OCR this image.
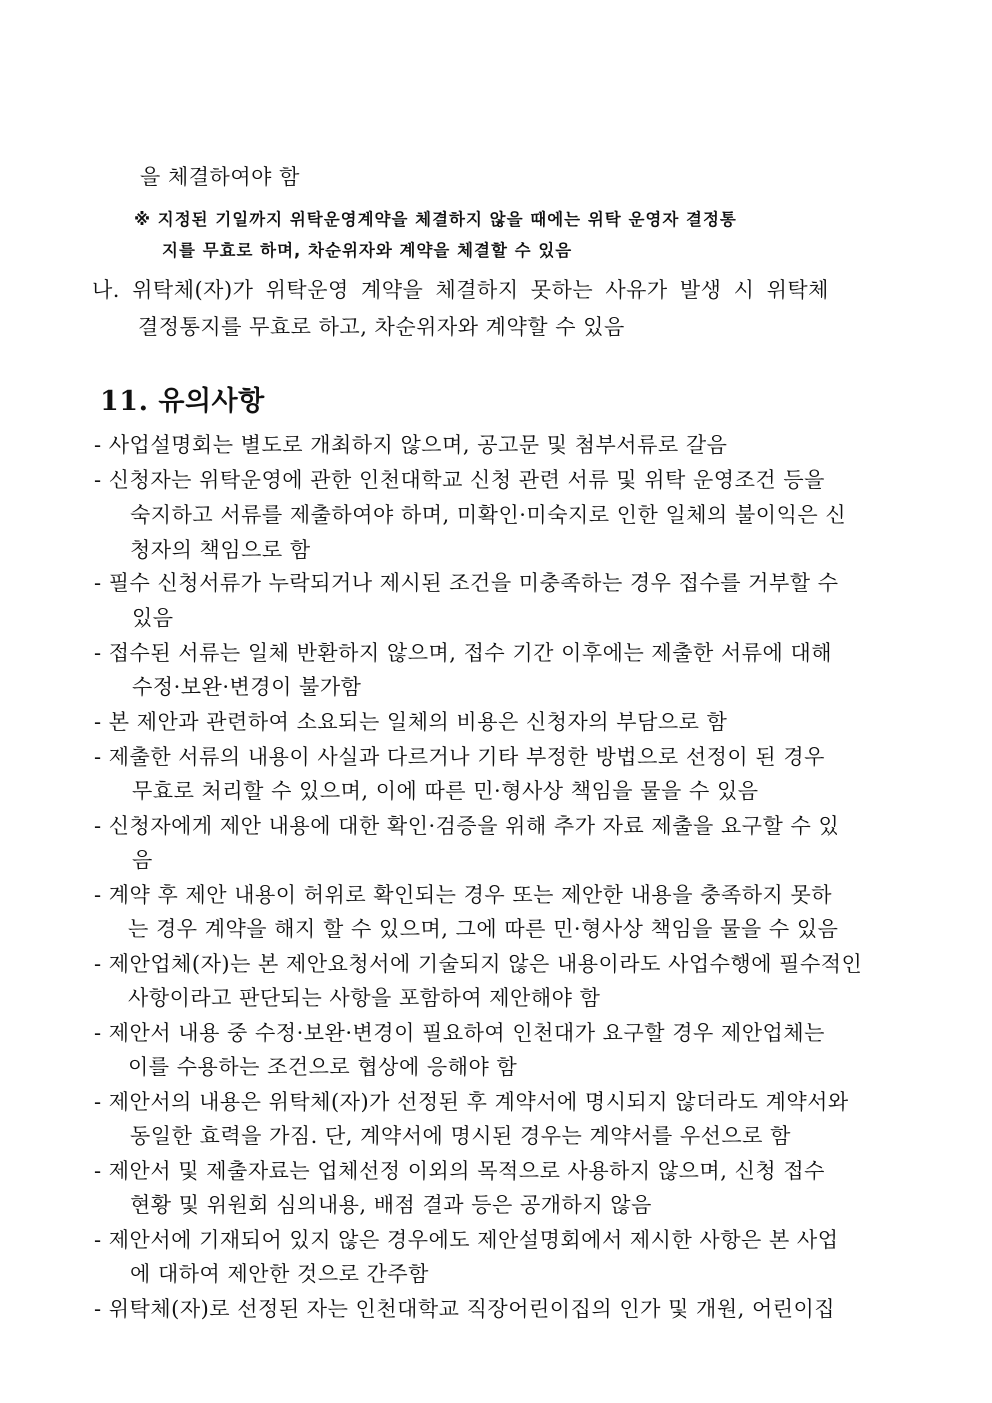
을 체결하여야 함

※ 지정된 기일까지 위탁운영계약을 체결하지 않을 때에는 위탁 운영자 결정통

지를 무효로 하며, 차순위자와 계약을 체결할 수 있음

나. 위탁체(자)가 위탁운영 계약을 체결하지 못하는 사유가 발생 시 위탁체

결정통지를 무효로 하고, 차순위자와 계약할 수 있음

11. 유의사항

- 사업설명회는 별도로 개최하지 않으며, 공고문 및 첨부서류로 갈음

- 신청자는 위탁운영에 관한 인천대학교 신청 관련 서류 및 위탁 운영조건 등을

숙지하고 서류를 제출하여야 하며, 미확인·미숙지로 인한 일체의 불이익은 신

청자의 책임으로 함

- 필수 신청서류가 누락되거나 제시된 조건을 미충족하는 경우 접수를 거부할 수

있음

- 접수된 서류는 일체 반환하지 않으며, 접수 기간 이후에는 제출한 서류에 대해

수정·보완·변경이 불가함

- 본 제안과 관련하여 소요되는 일체의 비용은 신청자의 부담으로 함

- 제출한 서류의 내용이 사실과 다르거나 기타 부정한 방법으로 선정이 된 경우

무효로 처리할 수 있으며, 이에 따른 민·형사상 책임을 물을 수 있음

- 신청자에게 제안 내용에 대한 확인·검증을 위해 추가 자료 제출을 요구할 수 있

음

- 계약 후 제안 내용이 허위로 확인되는 경우 또는 제안한 내용을 충족하지 못하

는 경우 계약을 해지 할 수 있으며, 그에 따른 민·형사상 책임을 물을 수 있음

- 제안업체(자)는 본 제안요청서에 기술되지 않은 내용이라도 사업수행에 필수적인

사항이라고 판단되는 사항을 포함하여 제안해야 함

- 제안서 내용 중 수정·보완·변경이 필요하여 인천대가 요구할 경우 제안업체는

이를 수용하는 조건으로 협상에 응해야 함

- 제안서의 내용은 위탁체(자)가 선정된 후 계약서에 명시되지 않더라도 계약서와

동일한 효력을 가짐. 단, 계약서에 명시된 경우는 계약서를 우선으로 함

- 제안서 및 제출자료는 업체선정 이외의 목적으로 사용하지 않으며, 신청 접수

현황 및 위원회 심의내용, 배점 결과 등은 공개하지 않음

- 제안서에 기재되어 있지 않은 경우에도 제안설명회에서 제시한 사항은 본 사업

에 대하여 제안한 것으로 간주함

- 위탁체(자)로 선정된 자는 인천대학교 직장어린이집의 인가 및 개원, 어린이집
